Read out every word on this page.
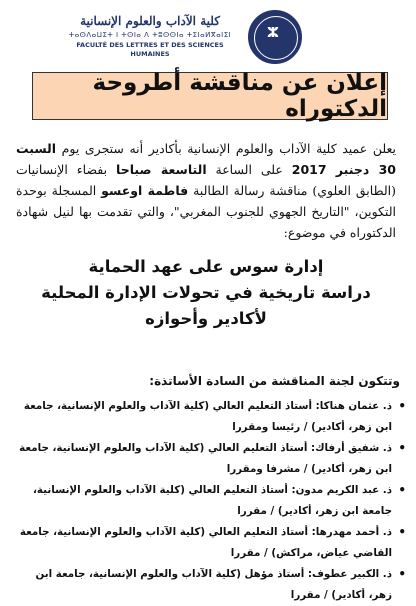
ⵣ
كلية الآداب والعلوم الإنسانية
ⵜⴰⵙⴷⴰⵡⵉⵜ ⵏ ⵜⵙⵏⴰ ⴷ ⵜⵓⵙⵙⵏⴰ ⵜⵉⵏⴰⵍⴳⴰⵏⵉⵏ
FACULTÉ DES LETTRES ET DES SCIENCES HUMAINES
إعلان عن مناقشة أطروحة الدكتوراه
يعلن عميد كلية الآداب والعلوم الإنسانية بأكادير أنه ستجرى يوم السبت 30 دجنبر 2017 على الساعة التاسعة صباحا بفضاء الإنسانيات (الطابق العلوي) مناقشة رسالة الطالبة فاطمة اوعسو المسجلة بوحدة التكوين، "التاريخ الجهوي للجنوب المغربي"، والتي تقدمت بها لنيل شهادة الدكتوراه في موضوع:
إدارة سوس على عهد الحماية
دراسة تاريخية في تحولات الإدارة المحلية لأكادير وأحوازه
وتتكون لجنة المناقشة من السادة الأساتذة:
• ذ. عثمان هناكا: أستاذ التعليم العالي (كلية الآداب والعلوم الإنسانية، جامعة ابن زهر، أكادير) / رئيسا ومقررا
• ذ. شفيق أرفاك: أستاذ التعليم العالي (كلية الآداب والعلوم الإنسانية، جامعة ابن زهر، أكادير) / مشرفا ومقررا
• ذ. عبد الكريم مدون: أستاذ التعليم العالي (كلية الآداب والعلوم الإنسانية، جامعة ابن زهر، أكادير) / مقررا
• ذ. أحمد مهدرها: أستاذ التعليم العالي (كلية الآداب والعلوم الإنسانية، جامعة القاضي عياض، مراكش) / مقررا
• ذ. الكبير عطوف: أستاذ مؤهل (كلية الآداب والعلوم الإنسانية، جامعة ابن زهر، أكادير) / مقررا
